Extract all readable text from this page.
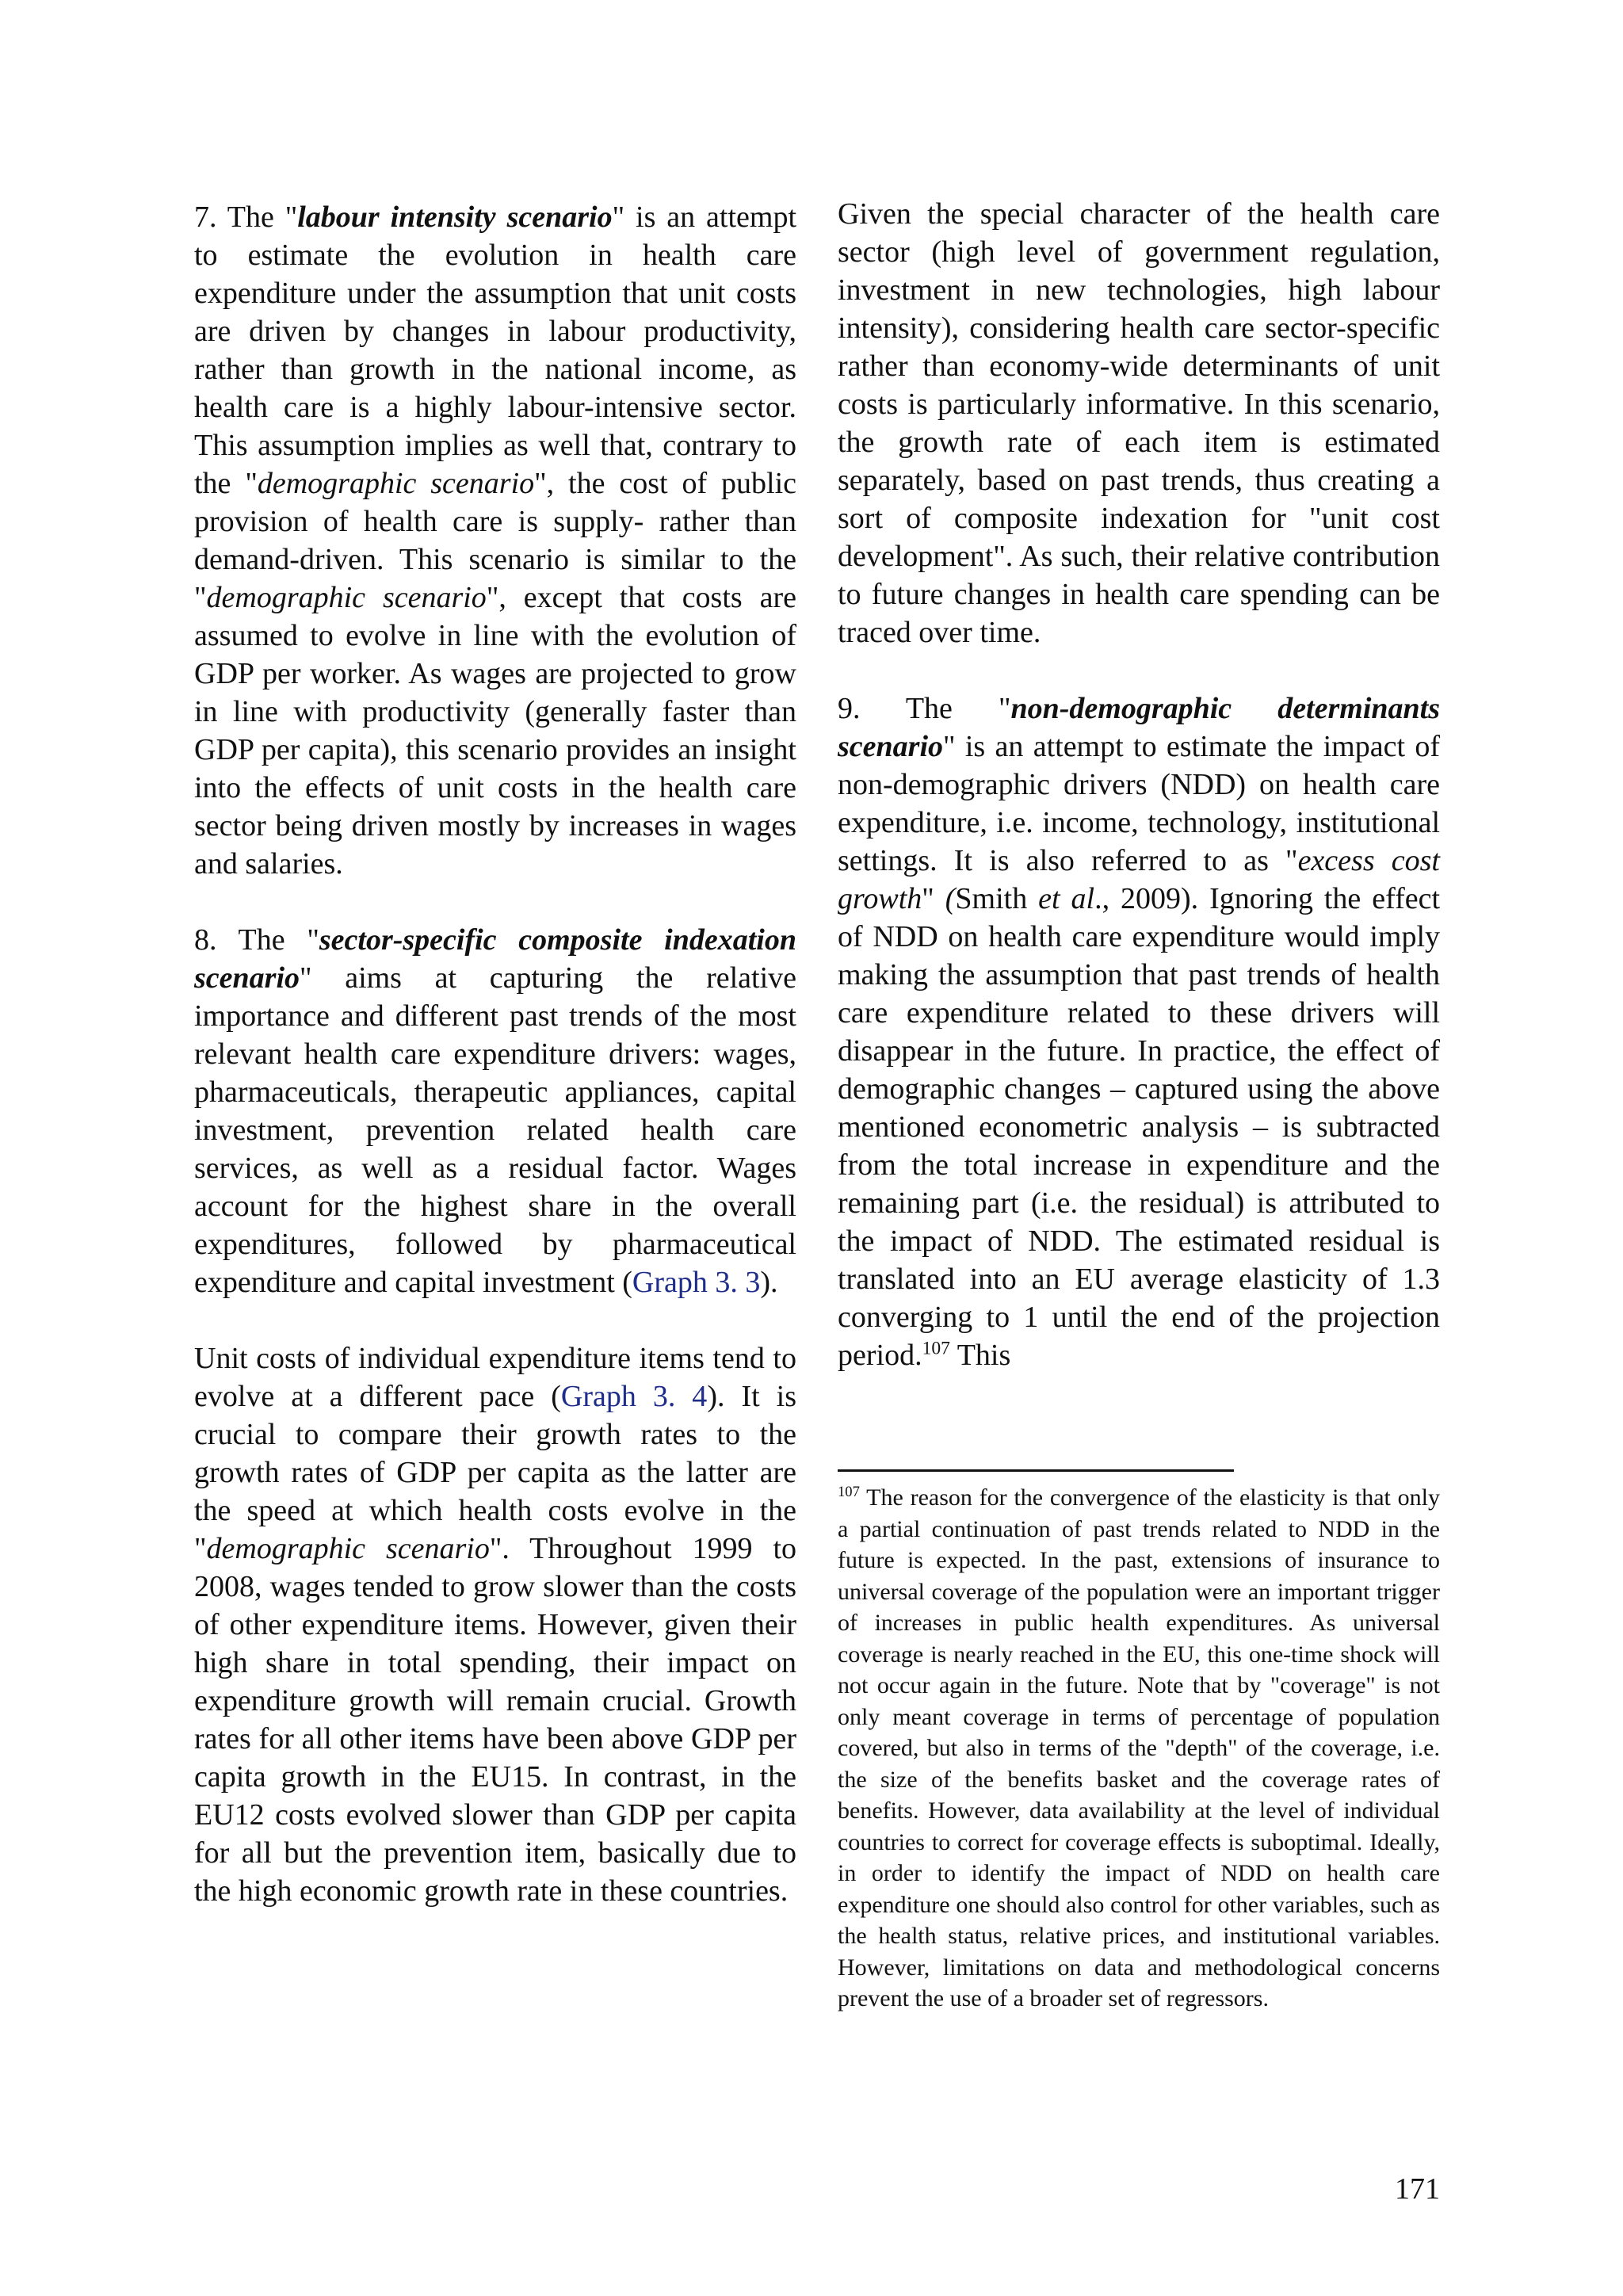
7. The "labour intensity scenario" is an attempt to estimate the evolution in health care expenditure under the assumption that unit costs are driven by changes in labour productivity, rather than growth in the national income, as health care is a highly labour-intensive sector. This assumption implies as well that, contrary to the "demographic scenario", the cost of public provision of health care is supply- rather than demand-driven. This scenario is similar to the "demographic scenario", except that costs are assumed to evolve in line with the evolution of GDP per worker. As wages are projected to grow in line with productivity (generally faster than GDP per capita), this scenario provides an insight into the effects of unit costs in the health care sector being driven mostly by increases in wages and salaries.

8. The "sector-specific composite indexation scenario" aims at capturing the relative importance and different past trends of the most relevant health care expenditure drivers: wages, pharmaceuticals, therapeutic appliances, capital investment, prevention related health care services, as well as a residual factor. Wages account for the highest share in the overall expenditures, followed by pharmaceutical expenditure and capital investment (Graph 3. 3).

Unit costs of individual expenditure items tend to evolve at a different pace (Graph 3. 4). It is crucial to compare their growth rates to the growth rates of GDP per capita as the latter are the speed at which health costs evolve in the "demographic scenario". Throughout 1999 to 2008, wages tended to grow slower than the costs of other expenditure items. However, given their high share in total spending, their impact on expenditure growth will remain crucial. Growth rates for all other items have been above GDP per capita growth in the EU15. In contrast, in the EU12 costs evolved slower than GDP per capita for all but the prevention item, basically due to the high economic growth rate in these countries.

Given the special character of the health care sector (high level of government regulation, investment in new technologies, high labour intensity), considering health care sector-specific rather than economy-wide determinants of unit costs is particularly informative. In this scenario, the growth rate of each item is estimated separately, based on past trends, thus creating a sort of composite indexation for "unit cost development". As such, their relative contribution to future changes in health care spending can be traced over time.

9. The "non-demographic determinants scenario" is an attempt to estimate the impact of non-demographic drivers (NDD) on health care expenditure, i.e. income, technology, institutional settings. It is also referred to as "excess cost growth" (Smith et al., 2009). Ignoring the effect of NDD on health care expenditure would imply making the assumption that past trends of health care expenditure related to these drivers will disappear in the future. In practice, the effect of demographic changes – captured using the above mentioned econometric analysis – is subtracted from the total increase in expenditure and the remaining part (i.e. the residual) is attributed to the impact of NDD. The estimated residual is translated into an EU average elasticity of 1.3 converging to 1 until the end of the projection period.$^{107}$ This

$^{107}$ The reason for the convergence of the elasticity is that only a partial continuation of past trends related to NDD in the future is expected. In the past, extensions of insurance to universal coverage of the population were an important trigger of increases in public health expenditures. As universal coverage is nearly reached in the EU, this one-time shock will not occur again in the future. Note that by "coverage" is not only meant coverage in terms of percentage of population covered, but also in terms of the "depth" of the coverage, i.e. the size of the benefits basket and the coverage rates of benefits. However, data availability at the level of individual countries to correct for coverage effects is suboptimal. Ideally, in order to identify the impact of NDD on health care expenditure one should also control for other variables, such as the health status, relative prices, and institutional variables. However, limitations on data and methodological concerns prevent the use of a broader set of regressors.
171
